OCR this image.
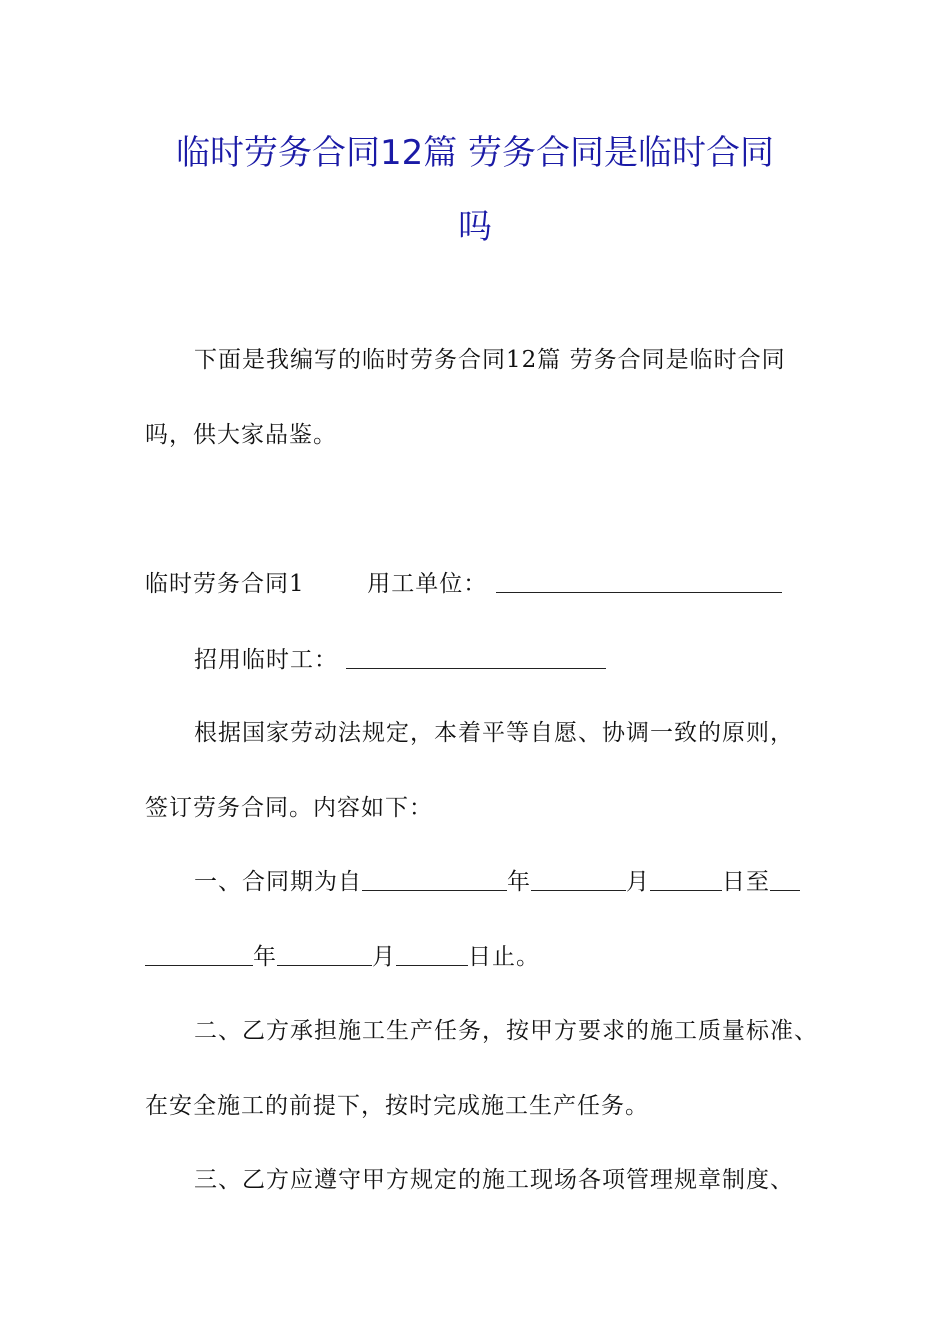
临时劳务合同12篇 劳务合同是临时合同
吗
下面是我编写的临时劳务合同12篇 劳务合同是临时合同
吗，供大家品鉴。
临时劳务合同1	用工单位：
招用临时工：
根据国家劳动法规定，本着平等自愿、协调一致的原则，
签订劳务合同。内容如下：
一、合同期为自	年	月	日至
年	月	日止。
二、乙方承担施工生产任务，按甲方要求的施工质量标准、
在安全施工的前提下，按时完成施工生产任务。
三、乙方应遵守甲方规定的施工现场各项管理规章制度、
